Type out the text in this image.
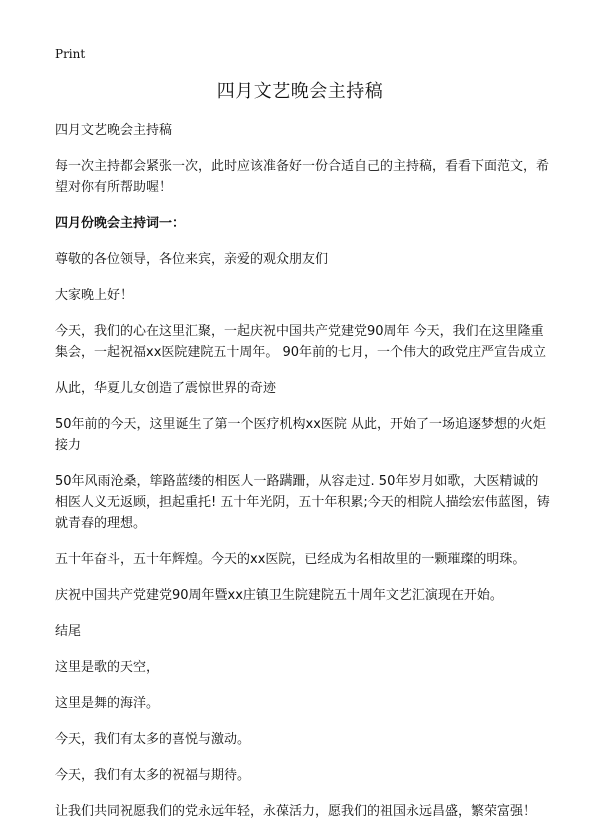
Print
四月文艺晚会主持稿

四月文艺晚会主持稿

每一次主持都会紧张一次，此时应该准备好一份合适自己的主持稿，看看下面范文，希望对你有所帮助喔！

四月份晚会主持词一：

尊敬的各位领导，各位来宾，亲爱的观众朋友们

大家晚上好！

今天，我们的心在这里汇聚，一起庆祝中国共产党建党90周年 今天，我们在这里隆重集会，一起祝福xx医院建院五十周年。 90年前的七月，一个伟大的政党庄严宣告成立

从此，华夏儿女创造了震惊世界的奇迹

50年前的今天，这里诞生了第一个医疗机构xx医院 从此，开始了一场追逐梦想的火炬接力

50年风雨沧桑，筚路蓝缕的相医人一路蹒跚，从容走过. 50年岁月如歌，大医精诚的相医人义无返顾，担起重托! 五十年光阴，五十年积累;今天的相院人描绘宏伟蓝图，铸就青春的理想。

五十年奋斗，五十年辉煌。今天的xx医院，已经成为名相故里的一颗璀璨的明珠。

庆祝中国共产党建党90周年暨xx庄镇卫生院建院五十周年文艺汇演现在开始。

结尾

这里是歌的天空，

这里是舞的海洋。

今天，我们有太多的喜悦与激动。

今天，我们有太多的祝福与期待。

让我们共同祝愿我们的党永远年轻，永葆活力，愿我们的祖国永远昌盛，繁荣富强！
